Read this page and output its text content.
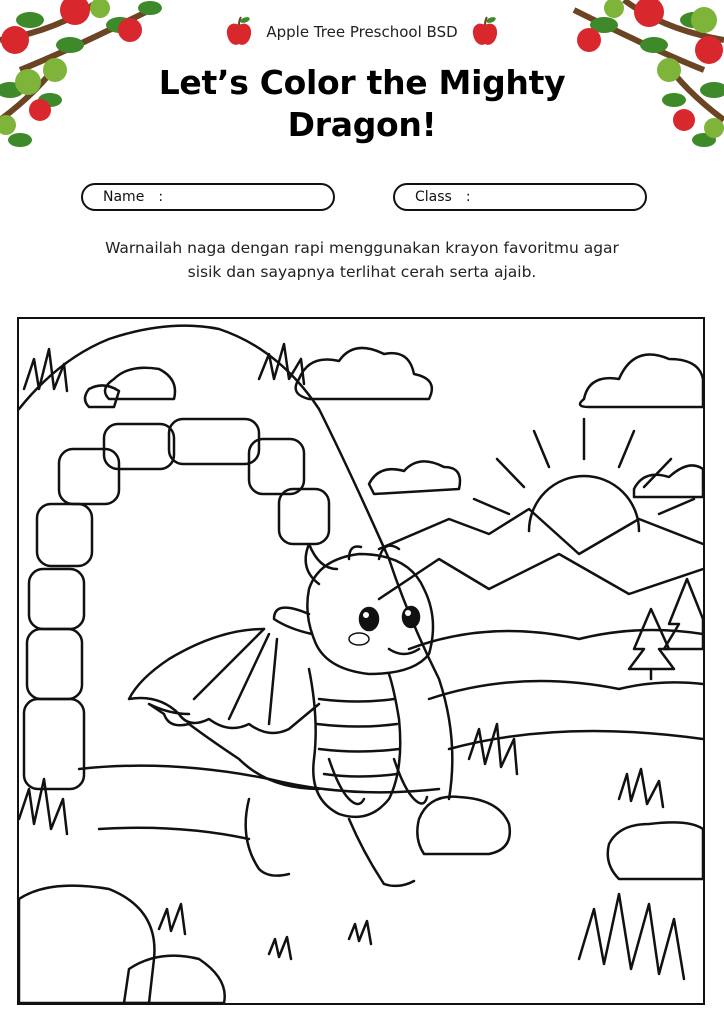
Apple Tree Preschool BSD
Let’s Color the Mighty
Dragon!
Name :	Class :
Warnailah naga dengan rapi menggunakan krayon favoritmu agar
sisik dan sayapnya terlihat cerah serta ajaib.
